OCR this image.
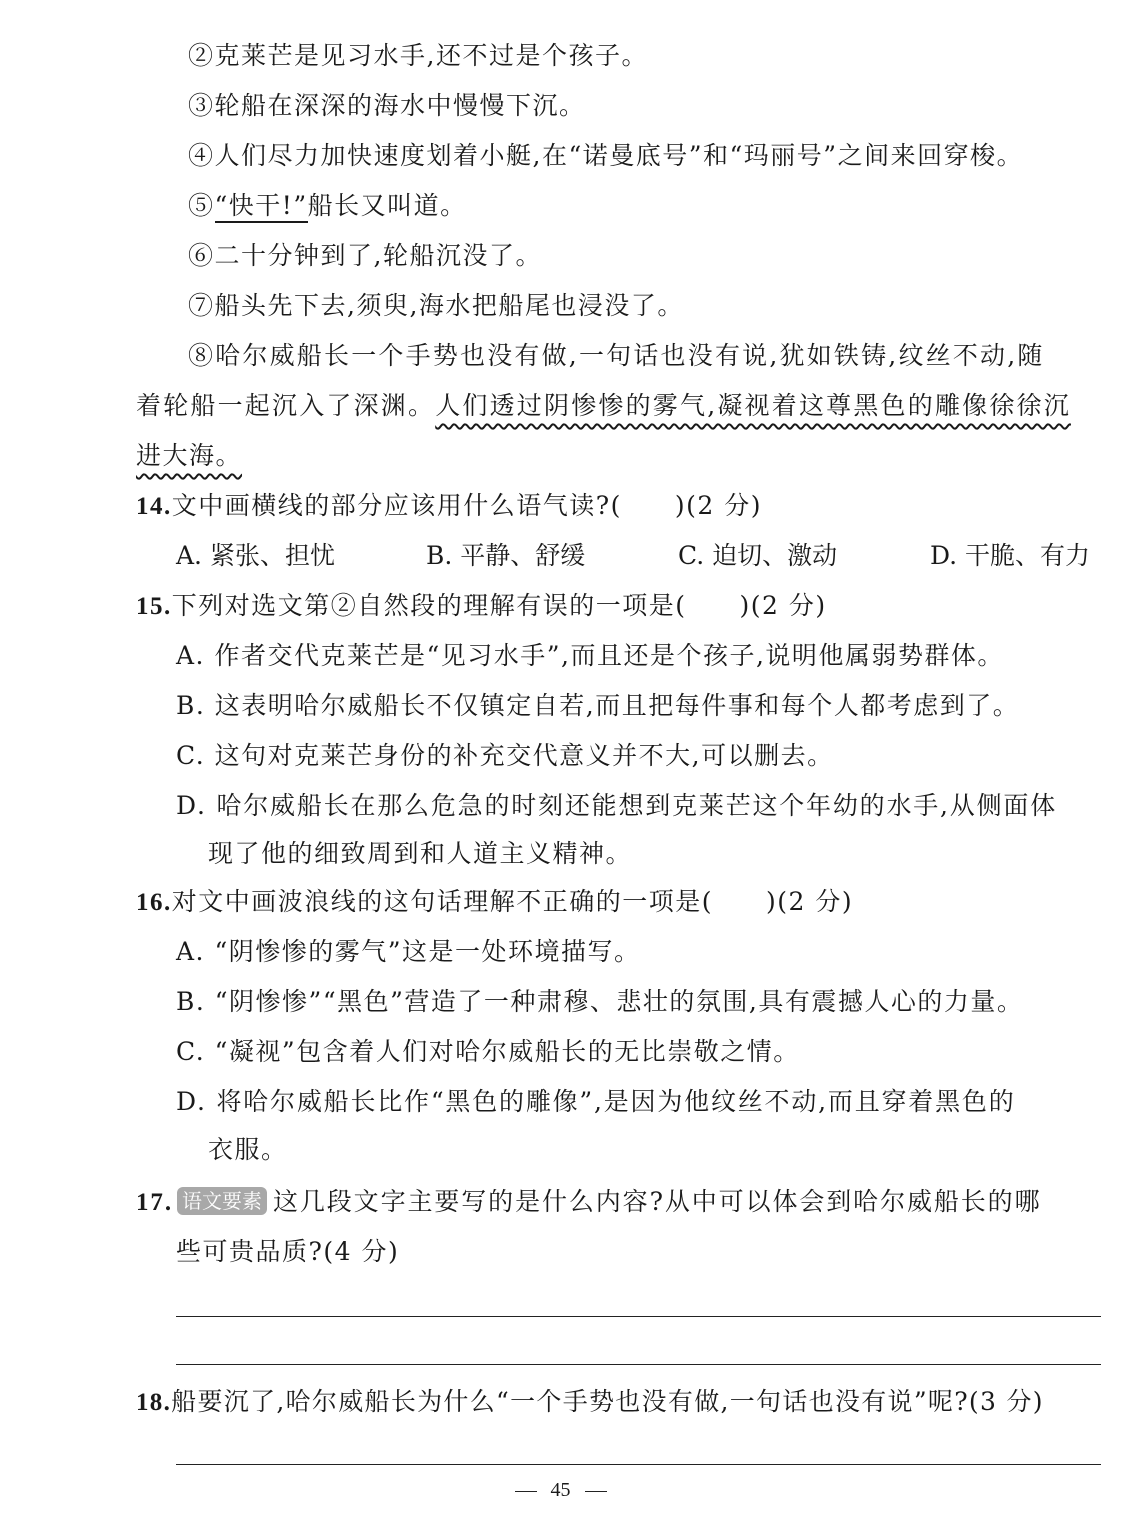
②克莱芒是见习水手,还不过是个孩子。
③轮船在深深的海水中慢慢下沉。
④人们尽力加快速度划着小艇,在“诺曼底号”和“玛丽号”之间来回穿梭。
⑤“快干!”船长又叫道。
⑥二十分钟到了,轮船沉没了。
⑦船头先下去,须臾,海水把船尾也浸没了。
⑧哈尔威船长一个手势也没有做,一句话也没有说,犹如铁铸,纹丝不动,随
着轮船一起沉入了深渊。人们透过阴惨惨的雾气,凝视着这尊黑色的雕像徐徐沉
进大海。
14.文中画横线的部分应该用什么语气读?(　　)(2 分)
A. 紧张、担忧	B. 平静、舒缓	C. 迫切、激动	D. 干脆、有力
15.下列对选文第②自然段的理解有误的一项是(　　)(2 分)
A. 作者交代克莱芒是“见习水手”,而且还是个孩子,说明他属弱势群体。
B. 这表明哈尔威船长不仅镇定自若,而且把每件事和每个人都考虑到了。
C. 这句对克莱芒身份的补充交代意义并不大,可以删去。
D. 哈尔威船长在那么危急的时刻还能想到克莱芒这个年幼的水手,从侧面体
现了他的细致周到和人道主义精神。
16.对文中画波浪线的这句话理解不正确的一项是(　　)(2 分)
A. “阴惨惨的雾气”这是一处环境描写。
B. “阴惨惨”“黑色”营造了一种肃穆、悲壮的氛围,具有震撼人心的力量。
C. “凝视”包含着人们对哈尔威船长的无比崇敬之情。
D. 将哈尔威船长比作“黑色的雕像”,是因为他纹丝不动,而且穿着黑色的
衣服。
17. 语文要素 这几段文字主要写的是什么内容?从中可以体会到哈尔威船长的哪
些可贵品质?(4 分)
18.船要沉了,哈尔威船长为什么“一个手势也没有做,一句话也没有说”呢?(3 分)
45
